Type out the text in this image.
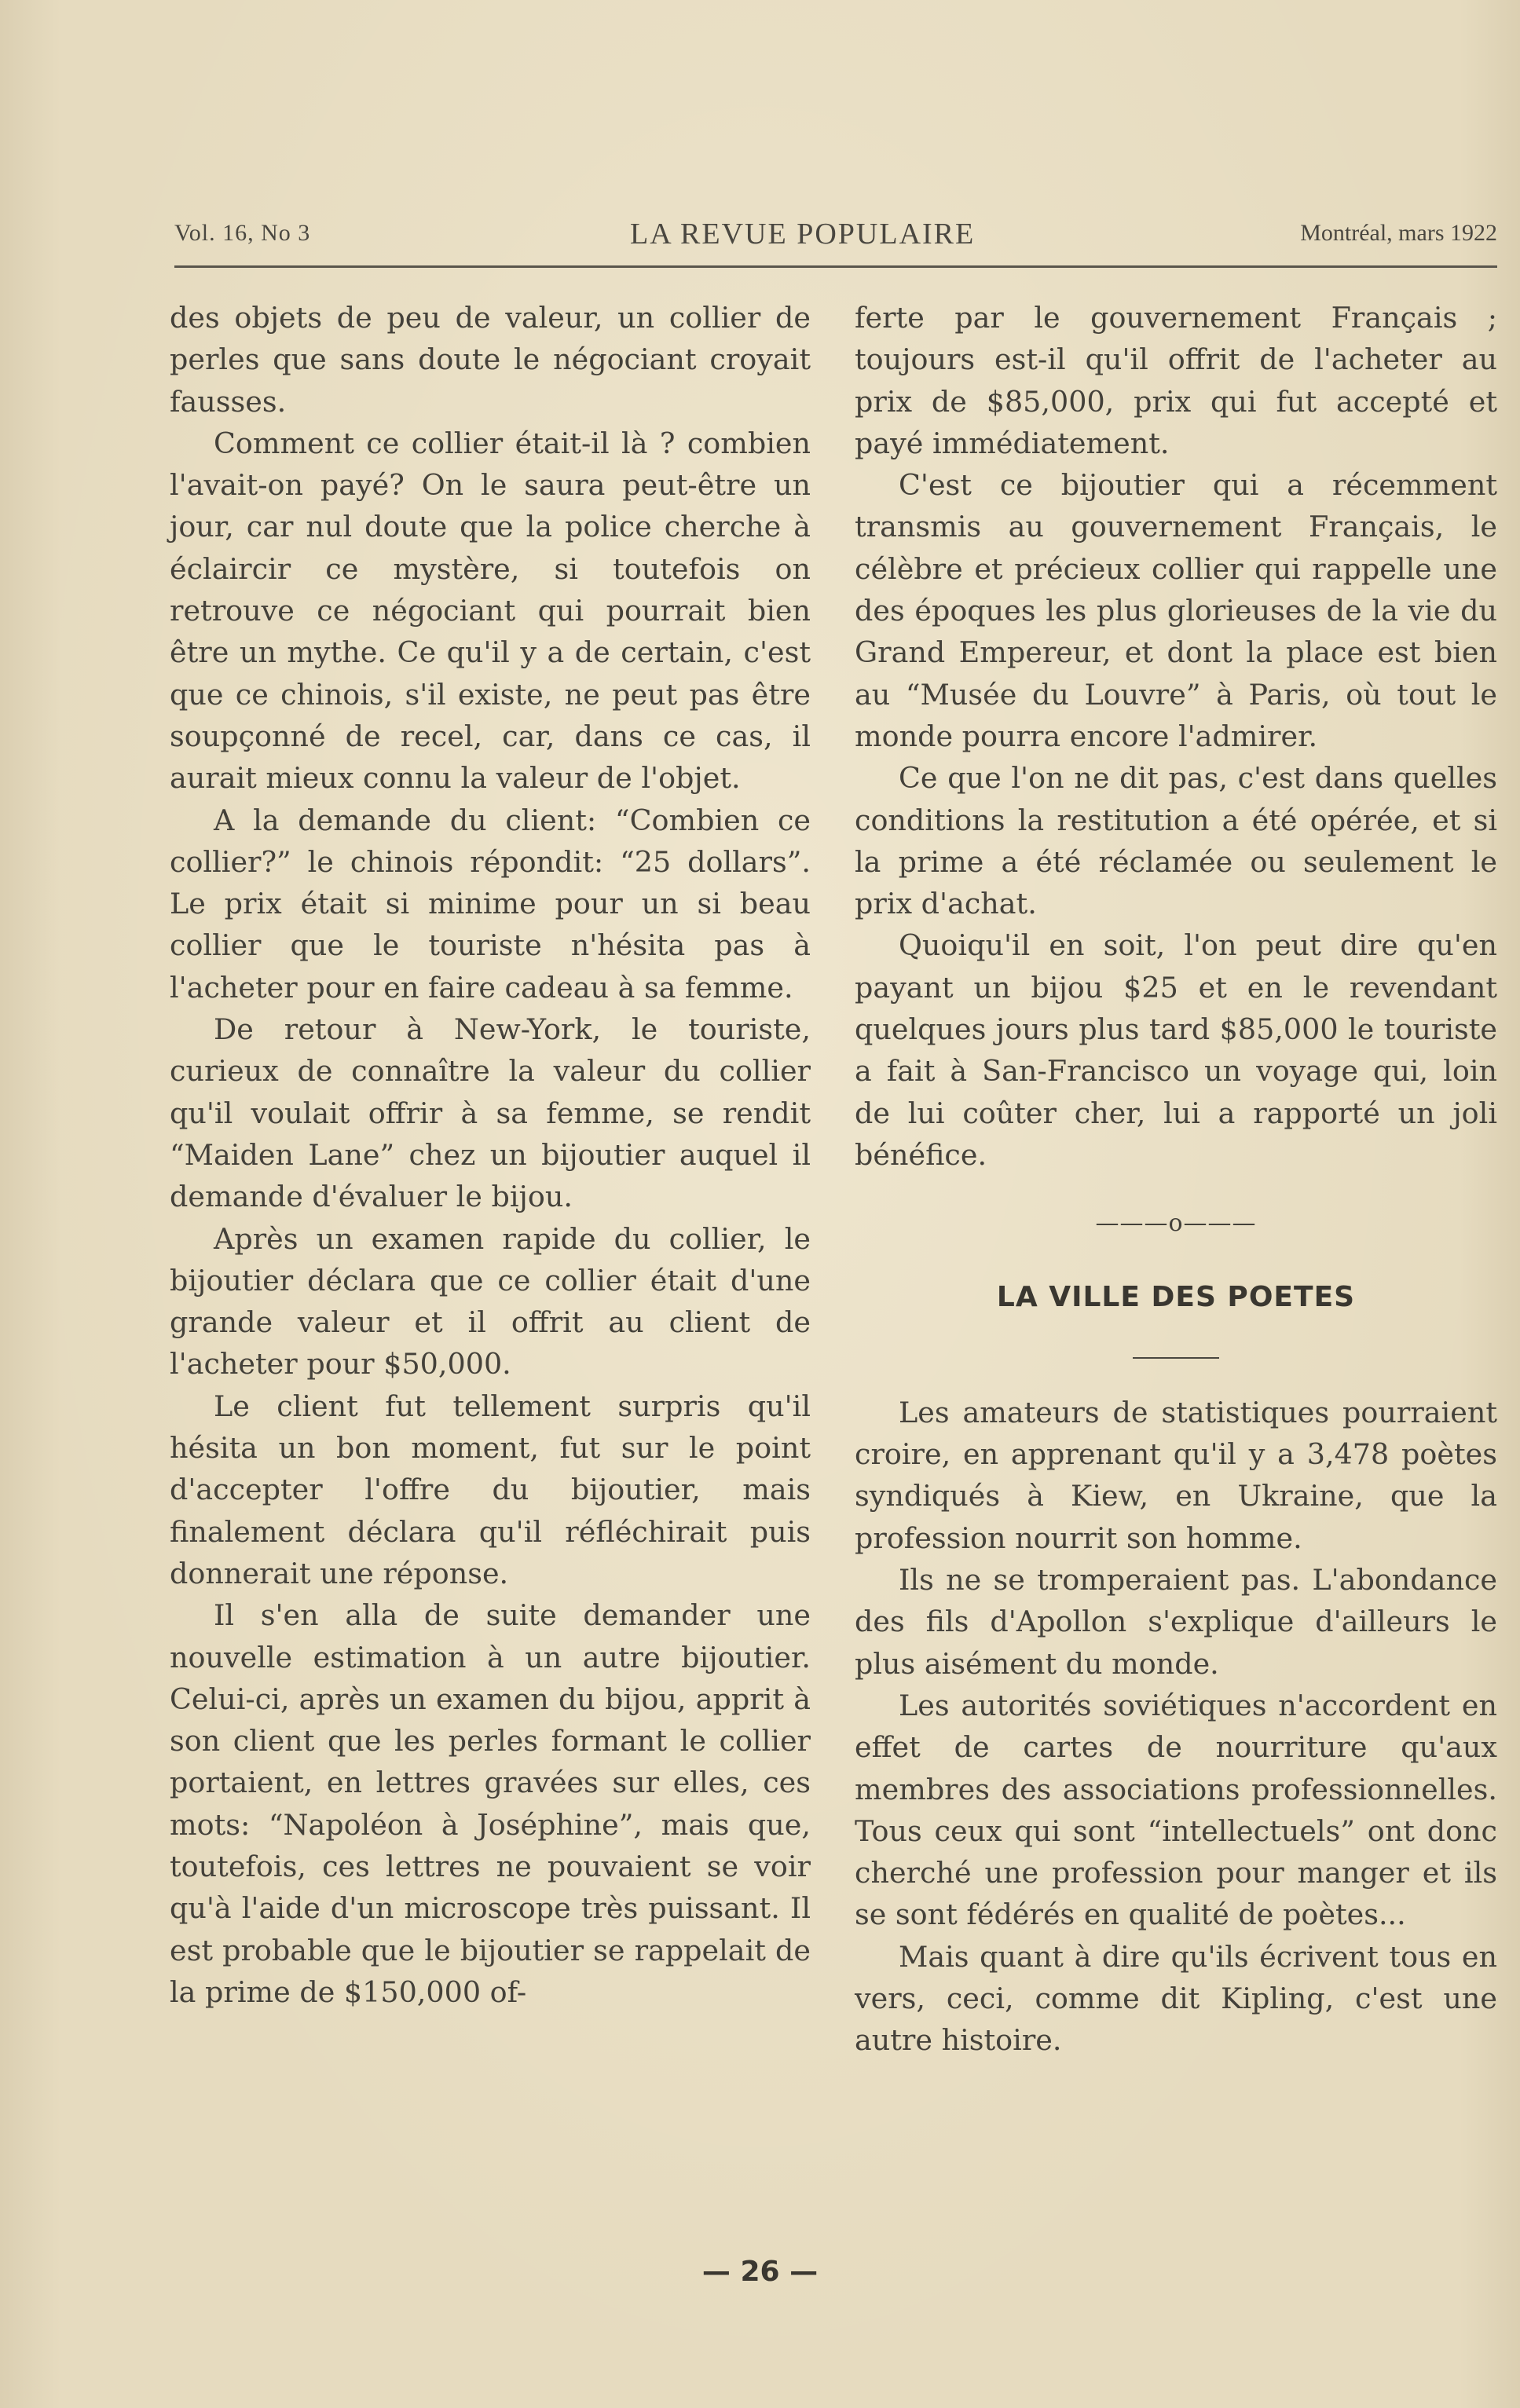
Vol. 16, No 3	LA REVUE POPULAIRE	Montréal, mars 1922

des objets de peu de valeur, un collier de perles que sans doute le négociant croyait fausses.

Comment ce collier était-il là ? combien l'avait-on payé? On le saura peut-être un jour, car nul doute que la police cherche à éclaircir ce mystère, si toutefois on retrouve ce négociant qui pourrait bien être un mythe. Ce qu'il y a de certain, c'est que ce chinois, s'il existe, ne peut pas être soupçonné de recel, car, dans ce cas, il aurait mieux connu la valeur de l'objet.

A la demande du client: “Combien ce collier?” le chinois répondit: “25 dollars”. Le prix était si minime pour un si beau collier que le touriste n'hésita pas à l'acheter pour en faire cadeau à sa femme.

De retour à New-York, le touriste, curieux de connaître la valeur du collier qu'il voulait offrir à sa femme, se rendit “Maiden Lane” chez un bijoutier auquel il demande d'évaluer le bijou.

Après un examen rapide du collier, le bijoutier déclara que ce collier était d'une grande valeur et il offrit au client de l'acheter pour $50,000.

Le client fut tellement surpris qu'il hésita un bon moment, fut sur le point d'accepter l'offre du bijoutier, mais finalement déclara qu'il réfléchirait puis donnerait une réponse.

Il s'en alla de suite demander une nouvelle estimation à un autre bijoutier. Celui-ci, après un examen du bijou, apprit à son client que les perles formant le collier portaient, en lettres gravées sur elles, ces mots: “Napoléon à Joséphine”, mais que, toutefois, ces lettres ne pouvaient se voir qu'à l'aide d'un microscope très puissant. Il est probable que le bijoutier se rappelait de la prime de $150,000 of-

ferte par le gouvernement Français ; toujours est-il qu'il offrit de l'acheter au prix de $85,000, prix qui fut accepté et payé immédiatement.

C'est ce bijoutier qui a récemment transmis au gouvernement Français, le célèbre et précieux collier qui rappelle une des époques les plus glorieuses de la vie du Grand Empereur, et dont la place est bien au “Musée du Louvre” à Paris, où tout le monde pourra encore l'admirer.

Ce que l'on ne dit pas, c'est dans quelles conditions la restitution a été opérée, et si la prime a été réclamée ou seulement le prix d'achat.

Quoiqu'il en soit, l'on peut dire qu'en payant un bijou $25 et en le revendant quelques jours plus tard $85,000 le touriste a fait à San-Francisco un voyage qui, loin de lui coûter cher, lui a rapporté un joli bénéfice.

———o———

LA VILLE DES POETES

Les amateurs de statistiques pourraient croire, en apprenant qu'il y a 3,478 poètes syndiqués à Kiew, en Ukraine, que la profession nourrit son homme.

Ils ne se tromperaient pas. L'abondance des fils d'Apollon s'explique d'ailleurs le plus aisément du monde.

Les autorités soviétiques n'accordent en effet de cartes de nourriture qu'aux membres des associations professionnelles. Tous ceux qui sont “intellectuels” ont donc cherché une profession pour manger et ils se sont fédérés en qualité de poètes...

Mais quant à dire qu'ils écrivent tous en vers, ceci, comme dit Kipling, c'est une autre histoire.

— 26 —
